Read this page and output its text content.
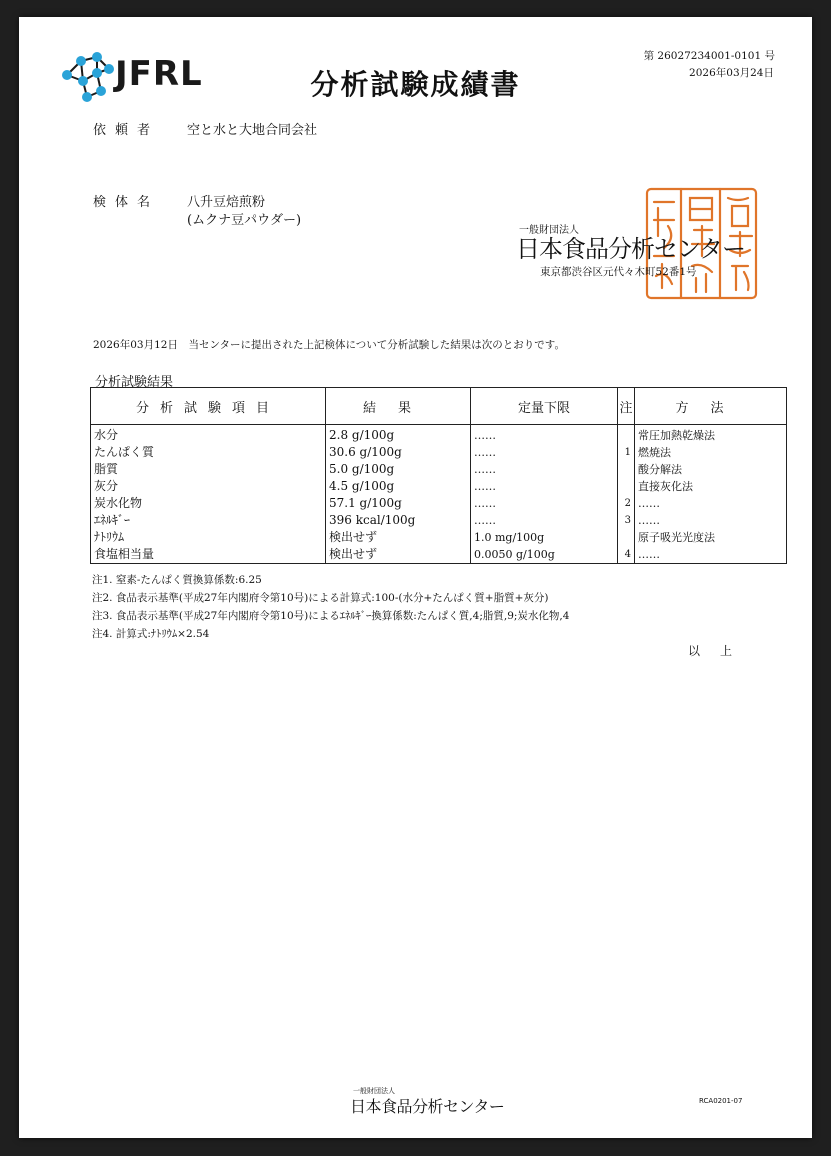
JFRL	分析試験成績書
第 26027234001-0101 号
2026年03月24日
依頼者 空と水と大地合同会社
検体名 八升豆焙煎粉
(ムクナ豆パウダー)
一般財団法人
日本食品分析センター
東京都渋谷区元代々木町52番1号
2026年03月12日　当センターに提出された上記検体について分析試験した結果は次のとおりです。
分析試験結果
分析試験項目	結果	定量下限	注	方法
水分	2.8 g/100g	……		常圧加熱乾燥法
たんぱく質	30.6 g/100g	……	1	燃焼法
脂質	5.0 g/100g	……		酸分解法
灰分	4.5 g/100g	……		直接灰化法
炭水化物	57.1 g/100g	……	2	……
ｴﾈﾙｷﾞｰ	396 kcal/100g	……	3	……
ﾅﾄﾘｳﾑ	検出せず	1.0 mg/100g		原子吸光光度法
食塩相当量	検出せず	0.0050 g/100g	4	……
注1. 窒素-たんぱく質換算係数:6.25
注2. 食品表示基準(平成27年内閣府令第10号)による計算式:100-(水分+たんぱく質+脂質+灰分)
注3. 食品表示基準(平成27年内閣府令第10号)によるｴﾈﾙｷﾞｰ換算係数:たんぱく質,4;脂質,9;炭水化物,4
注4. 計算式:ﾅﾄﾘｳﾑ×2.54
以上
一般財団法人
日本食品分析センター	RCA0201-07
